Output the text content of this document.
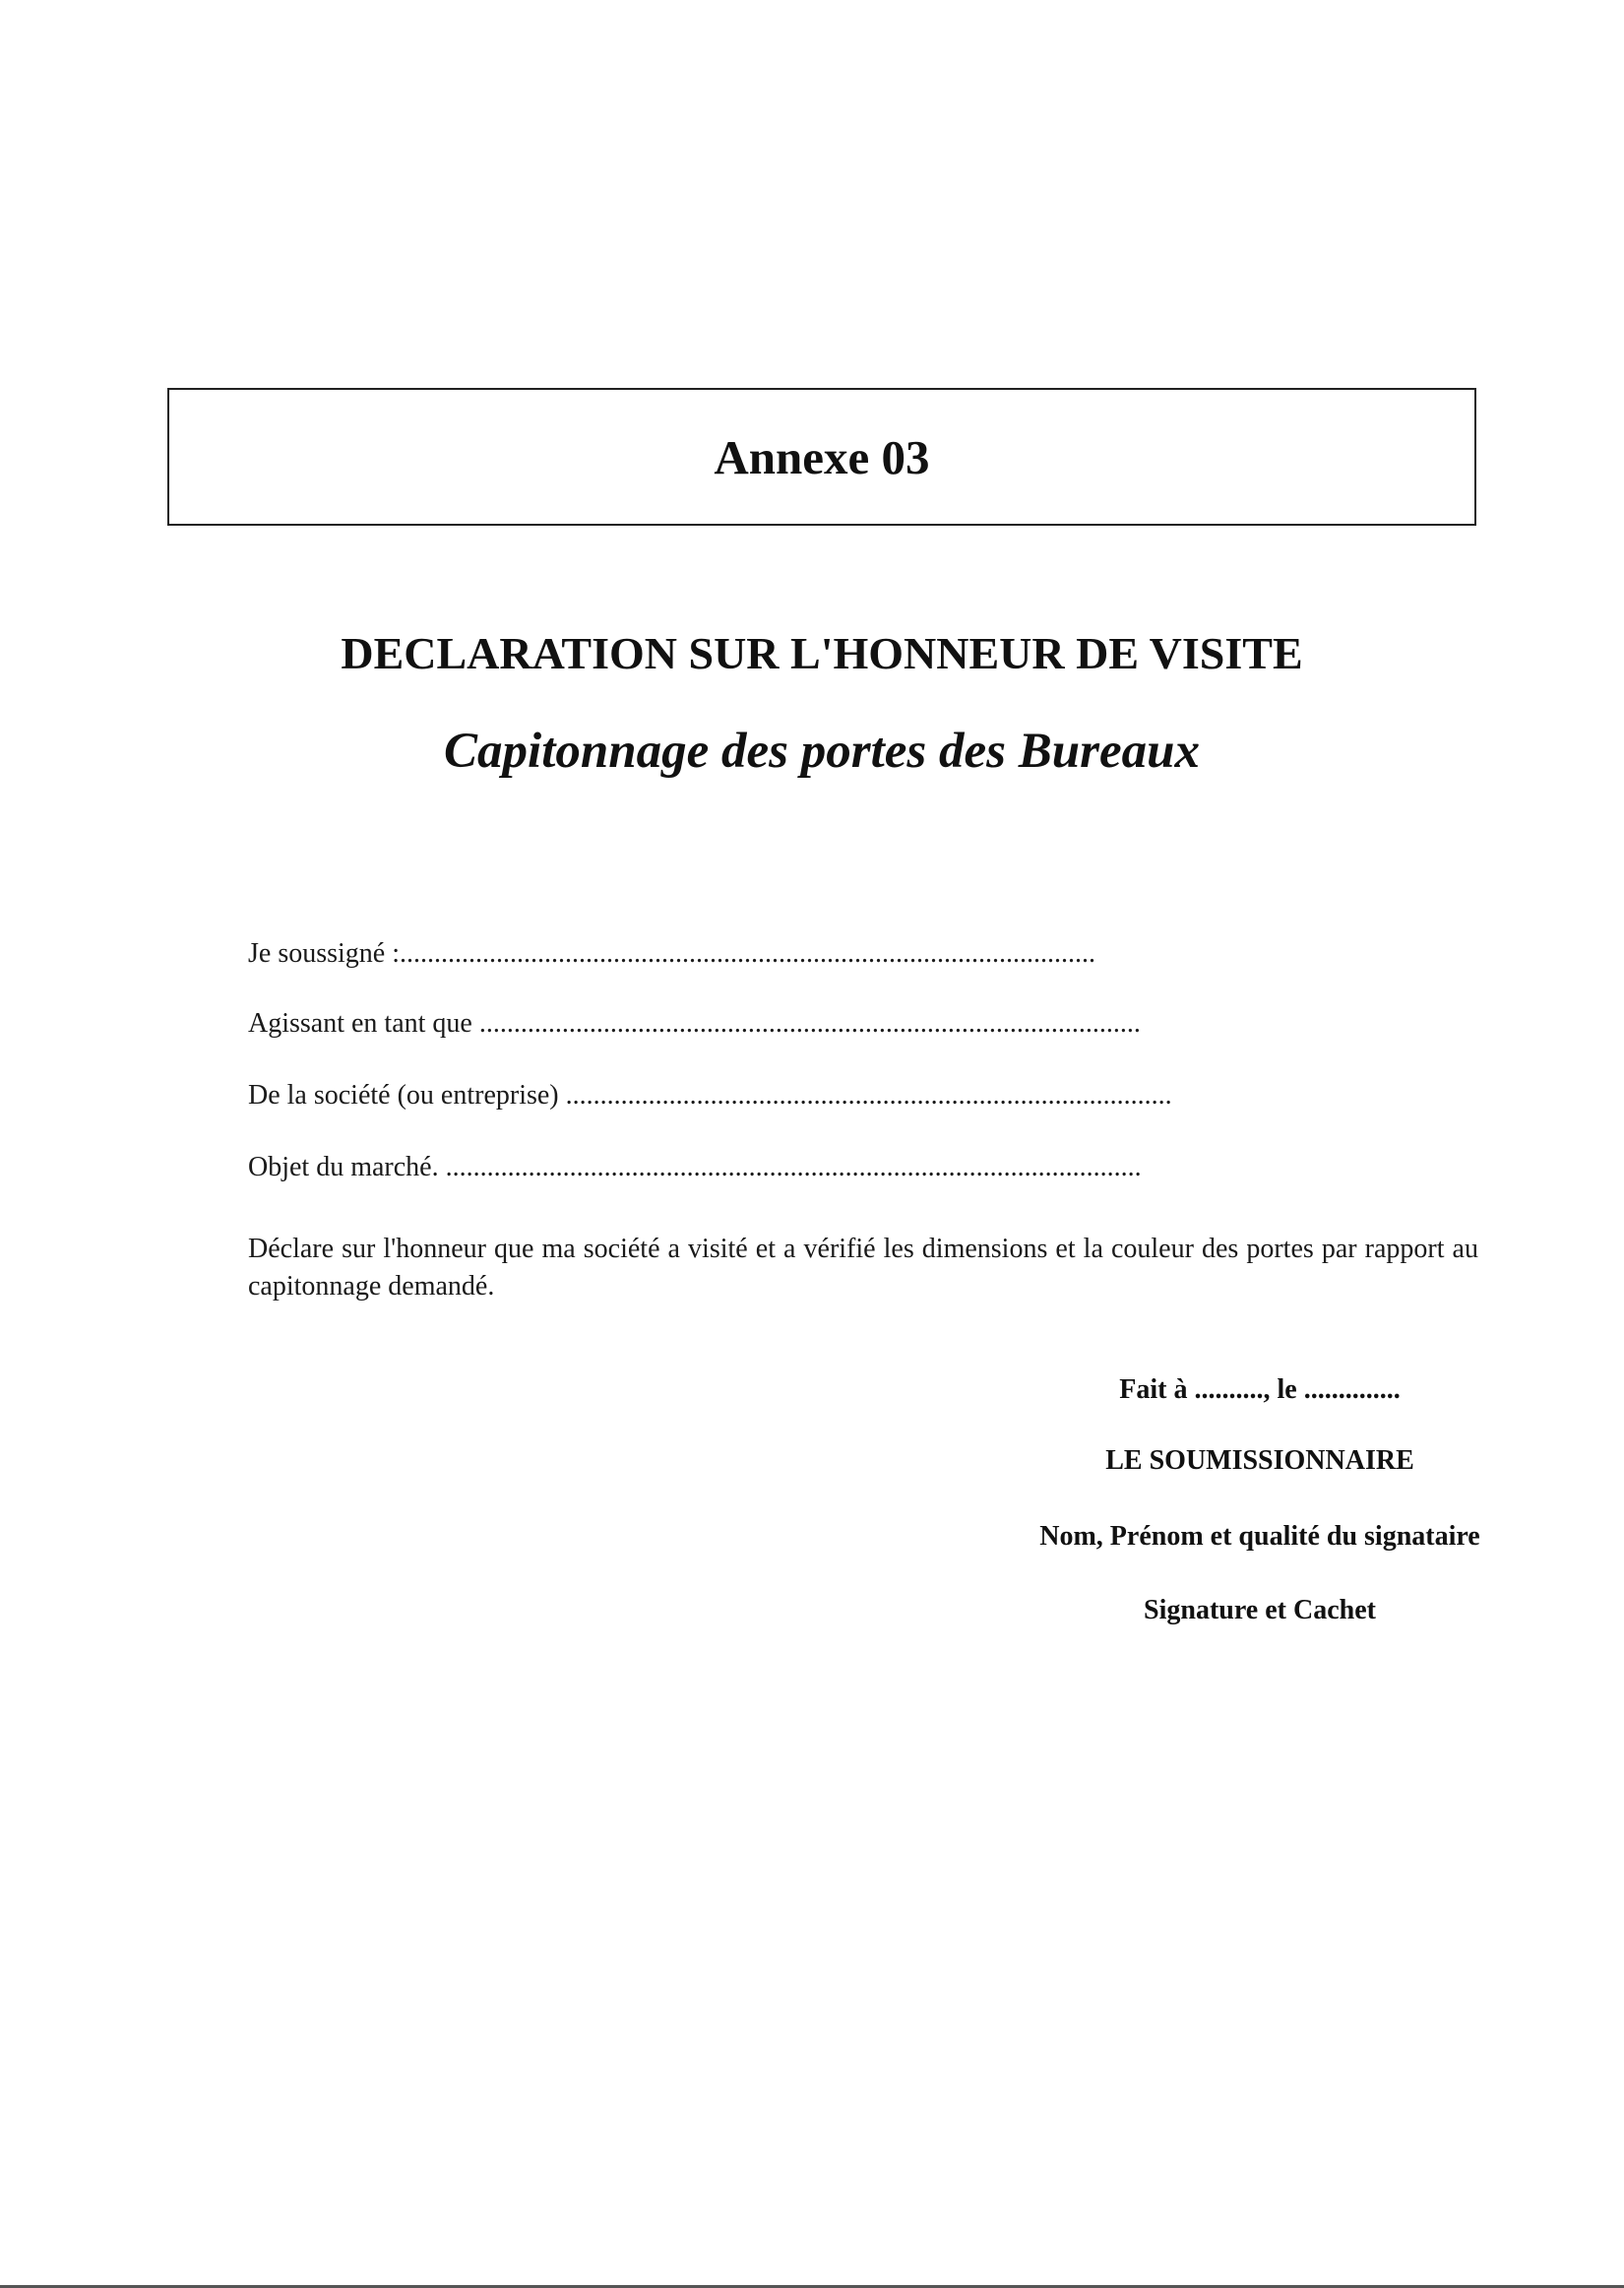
Annexe 03
DECLARATION SUR L'HONNEUR DE VISITE
Capitonnage des portes des Bureaux
Je soussigné :.....................................................................................................
Agissant en tant que ................................................................................................
De la société (ou entreprise) ........................................................................................
Objet du marché. .....................................................................................................
Déclare sur l'honneur que ma société a visité et a vérifié les dimensions et la couleur des portes par rapport au capitonnage demandé.
Fait à .........., le ..............
LE SOUMISSIONNAIRE
Nom, Prénom et qualité du signataire
Signature et Cachet
